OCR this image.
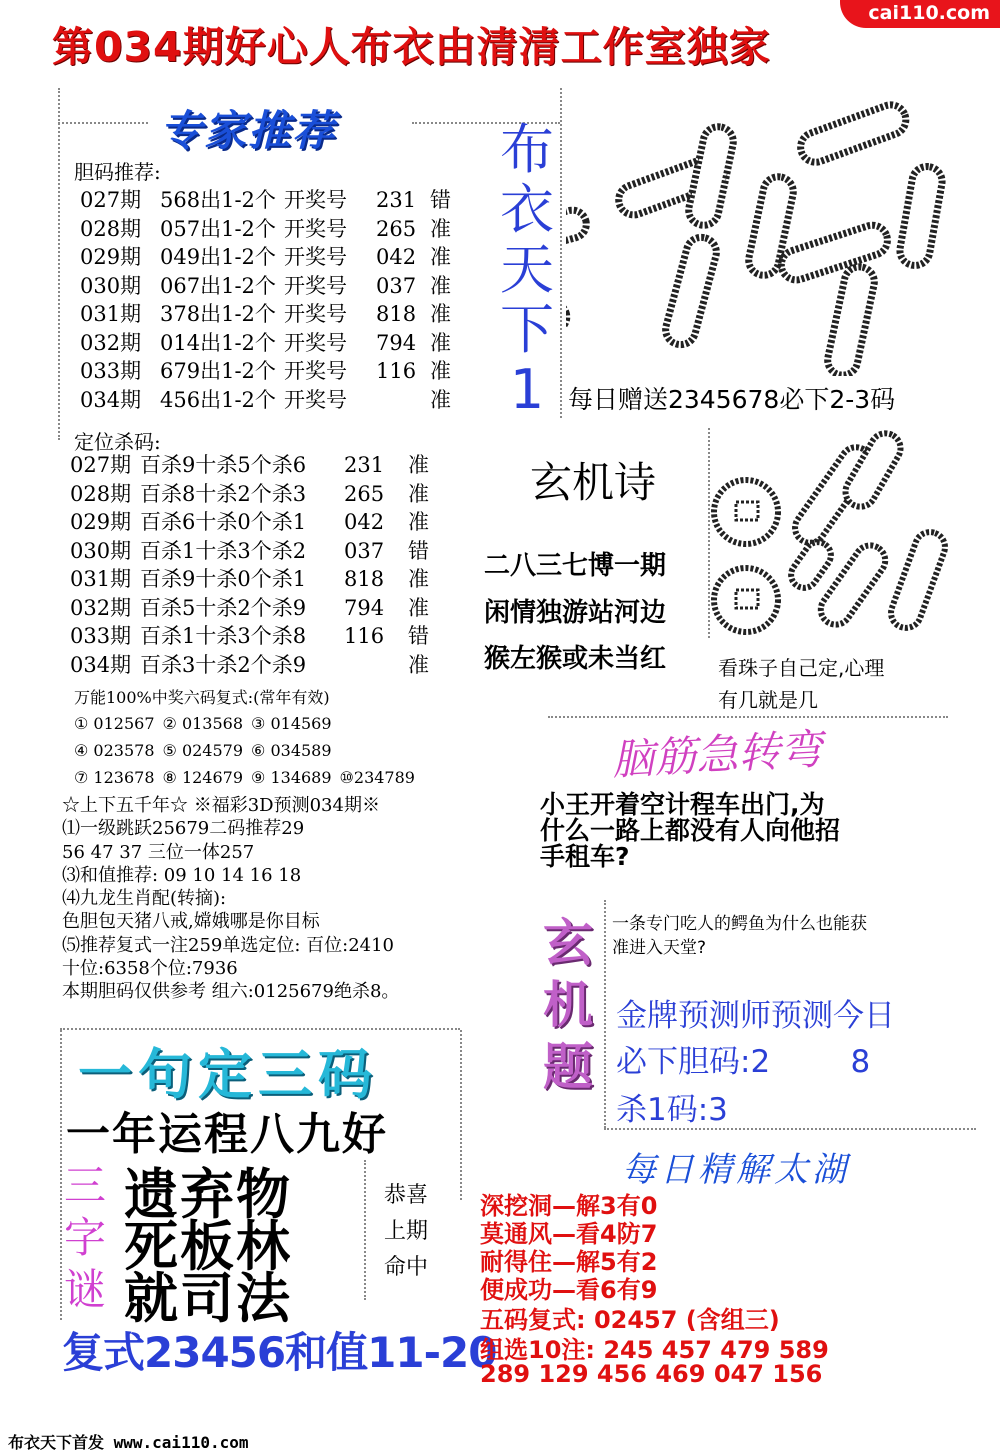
第034期好心人布衣由清清工作室独家
cai110.com
专家推荐
胆码推荐:
027期 568出1-2个 开奖号 231 错
028期 057出1-2个 开奖号 265 准
029期 049出1-2个 开奖号 042 准
030期 067出1-2个 开奖号 037 准
031期 378出1-2个 开奖号 818 准
032期 014出1-2个 开奖号 794 准
033期 679出1-2个 开奖号 116 准
034期 456出1-2个 开奖号	准
定位杀码:
027期 百杀9十杀5个杀6 231 准
028期 百杀8十杀2个杀3 265 准
029期 百杀6十杀0个杀1 042 准
030期 百杀1十杀3个杀2 037 错
031期 百杀9十杀0个杀1 818 准
032期 百杀5十杀2个杀9 794 准
033期 百杀1十杀3个杀8 116 错
034期 百杀3十杀2个杀9	准
万能100%中奖六码复式:(常年有效)
① 012567 ② 013568 ③ 014569
④ 023578 ⑤ 024579 ⑥ 034589
⑦ 123678 ⑧ 124679 ⑨ 134689 ⑩234789
☆上下五千年☆ ※福彩3D预测034期※
⑴一级跳跃25679二码推荐29
56 47 37 三位一体257
⑶和值推荐: 09 10 14 16 18
⑷九龙生肖配(转摘):
色胆包天猪八戒,嫦娥哪是你目标
⑸推荐复式一注259单选定位: 百位:2410
十位:6358个位:7936
本期胆码仅供参考 组六:0125679绝杀8。
布
衣
天
下
1 每日赠送2345678必下2-3码
玄机诗
二八三七博一期
闲情独游站河边
猴左猴或未当红	看珠子自己定,心理
有几就是几
脑筋急转弯
小王开着空计程车出门,为
什么一路上都没有人向他招
手租车?
玄
机
题
一条专门吃人的鳄鱼为什么也能获
准进入天堂?
金牌预测师预测今日
必下胆码:2	8
杀1码:3
一句定三码
一年运程八九好
三
字
谜
遗弃物
死板林
就司法
恭喜
上期
命中
复式23456和值11-20
每日精解太湖
深挖洞—解3有0
莫通风—看4防7
耐得住—解5有2
便成功—看6有9
五码复式: 02457 (含组三)
组选10注: 245 457 479 589
289 129 456 469 047 156
布衣天下首发 www.cai110.com
